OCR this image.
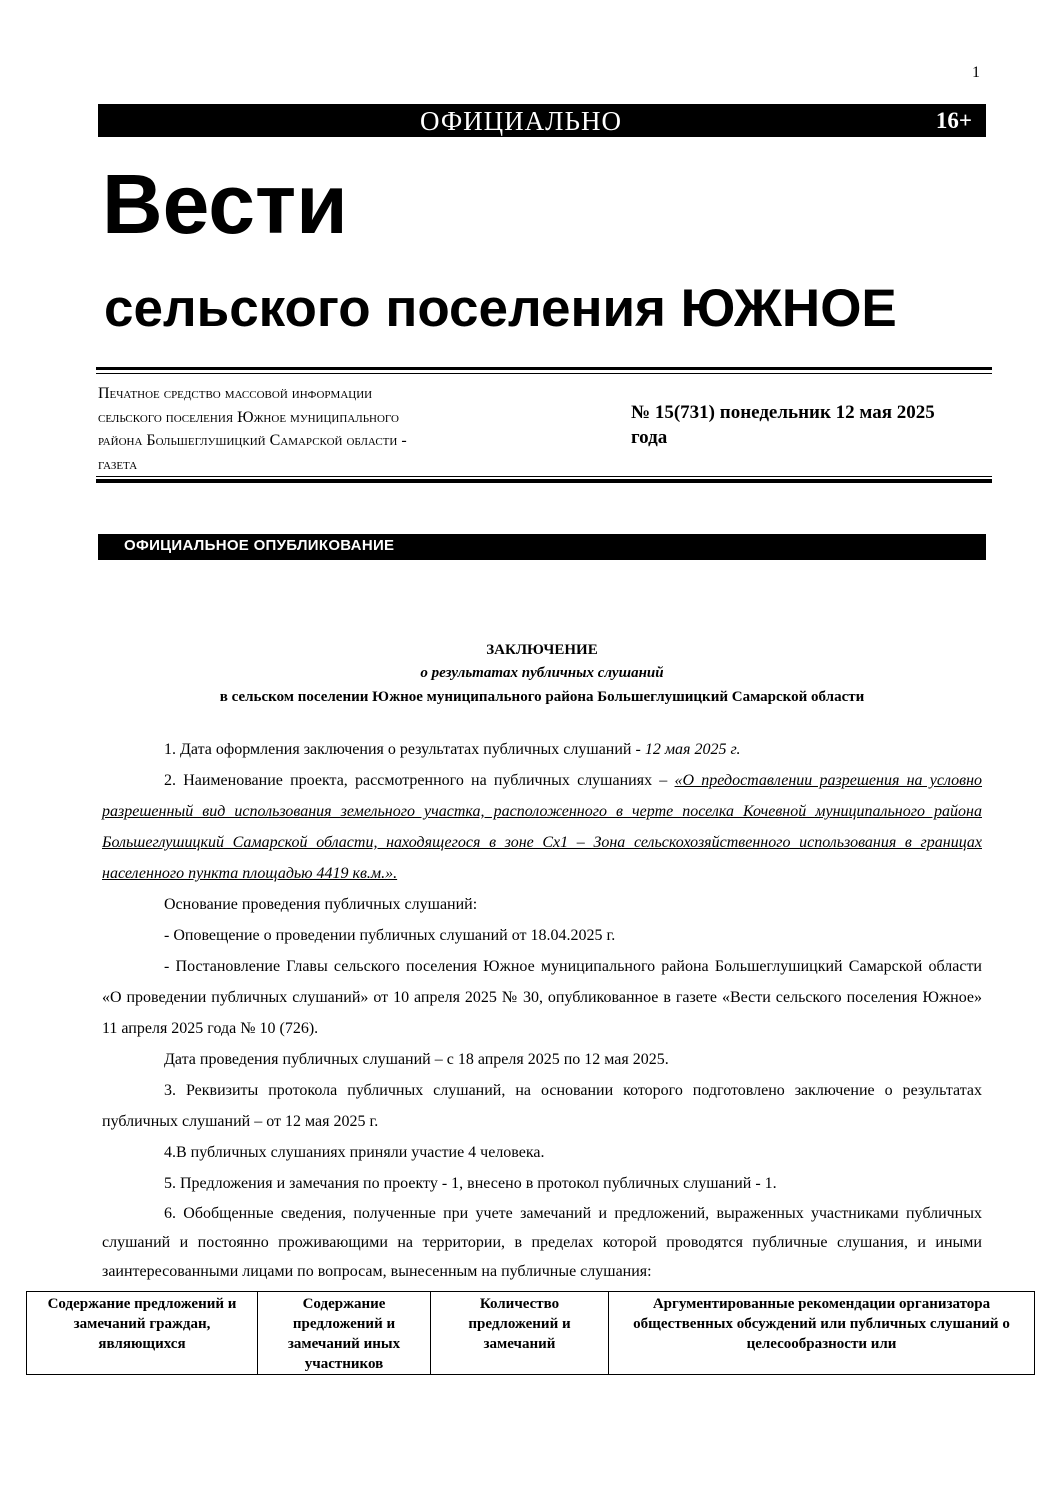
1
ОФИЦИАЛЬНО	16+
Вести
сельского поселения ЮЖНОЕ
Печатное средство массовой информации
сельского поселения Южное муниципального
района Большеглушицкий Самарской области -
газета
№ 15(731) понедельник 12 мая 2025 года
ОФИЦИАЛЬНОЕ ОПУБЛИКОВАНИЕ
ЗАКЛЮЧЕНИЕ
о результатах публичных слушаний
в сельском поселении Южное муниципального района Большеглушицкий Самарской области

1. Дата оформления заключения о результатах публичных слушаний - 12 мая 2025 г.

2. Наименование проекта, рассмотренного на публичных слушаниях – «О предоставлении разрешения на условно разрешенный вид использования земельного участка, расположенного в черте поселка Кочевной муниципального района Большеглушицкий Самарской области, находящегося в зоне Сх1 – Зона сельскохозяйственного использования в границах населенного пункта площадью 4419 кв.м.».

Основание проведения публичных слушаний:

- Оповещение о проведении публичных слушаний от 18.04.2025 г.

- Постановление Главы сельского поселения Южное муниципального района Большеглушицкий Самарской области «О проведении публичных слушаний» от 10 апреля 2025 № 30, опубликованное в газете «Вести сельского поселения Южное» 11 апреля 2025 года № 10 (726).

Дата проведения публичных слушаний – с 18 апреля 2025 по 12 мая 2025.

3. Реквизиты протокола публичных слушаний, на основании которого подготовлено заключение о результатах публичных слушаний – от 12 мая 2025 г.

4.В публичных слушаниях приняли участие 4 человека.

5. Предложения и замечания по проекту - 1, внесено в протокол публичных слушаний - 1.

6. Обобщенные сведения, полученные при учете замечаний и предложений, выраженных участниками публичных слушаний и постоянно проживающими на территории, в пределах которой проводятся публичные слушания, и иными заинтересованными лицами по вопросам, вынесенным на публичные слушания:

Содержание предложений и замечаний граждан, являющихся	Содержание предложений и замечаний иных участников	Количество предложений и замечаний	Аргументированные рекомендации организатора общественных обсуждений или публичных слушаний о целесообразности или
